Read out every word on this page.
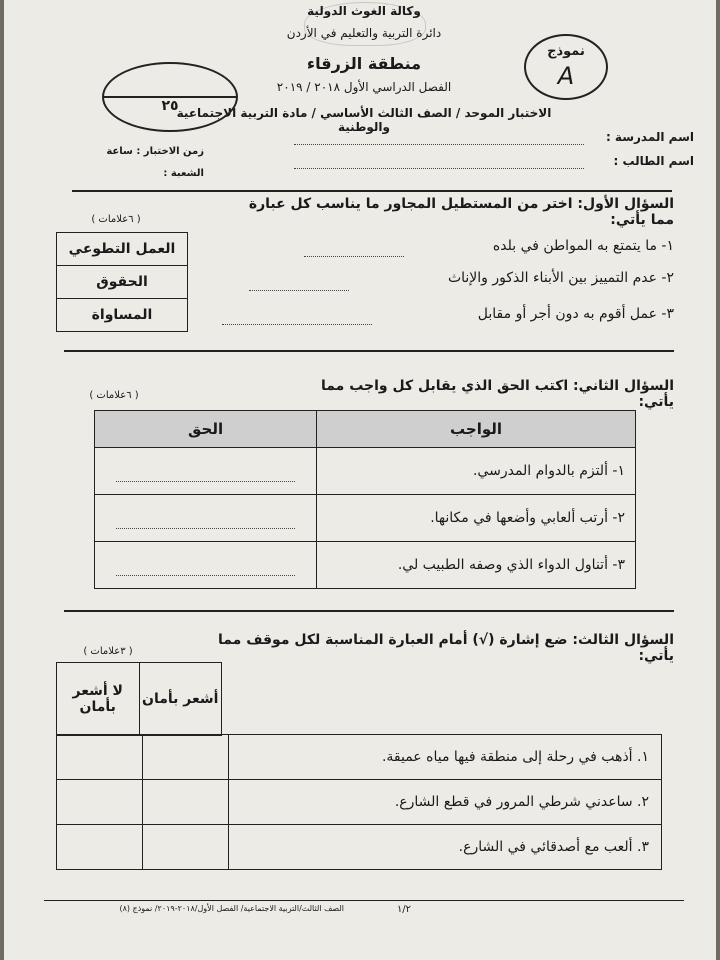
وكالة الغوث الدولية
دائرة التربية والتعليم في الأردن
منطقة الزرقاء
الفصل الدراسي الأول ٢٠١٨ / ٢٠١٩
الاختبار الموحد / الصف الثالث الأساسي / مادة التربية الاجتماعية والوطنية
٢٥
نموذج
A
اسم المدرسة :
اسم الطالب :
زمن الاختبار : ساعة
الشعبة :
السؤال الأول: اختر من المستطيل المجاور ما يناسب كل عبارة مما يأتي:
( ٦علامات )
العمل التطوعي
الحقوق
المساواة
١- ما يتمتع به المواطن في بلده
٢- عدم التمييز بين الأبناء الذكور والإناث
٣- عمل أقوم به دون أجر أو مقابل
السؤال الثاني: اكتب الحق الذي يقابل كل واجب مما يأتي:
( ٦علامات )
الواجب	الحق
١- ألتزم بالدوام المدرسي.	

٢- أرتب ألعابي وأضعها في مكانها.	

٣- أتناول الدواء الذي وصفه الطبيب لي.	
السؤال الثالث: ضع إشارة (√) أمام العبارة المناسبة لكل موقف مما يأتي:
( ٣علامات )
أشعر بأمان	لا أشعر بأمان
١. أذهب في رحلة إلى منطقة فيها مياه عميقة.		
٢. ساعدني شرطي المرور في قطع الشارع.		
٣. ألعب مع أصدقائي في الشارع.		
١/٢
الصف الثالث/التربية الاجتماعية/ الفصل الأول/٢٠١٨-٢٠١٩/ نموذج (٨)
